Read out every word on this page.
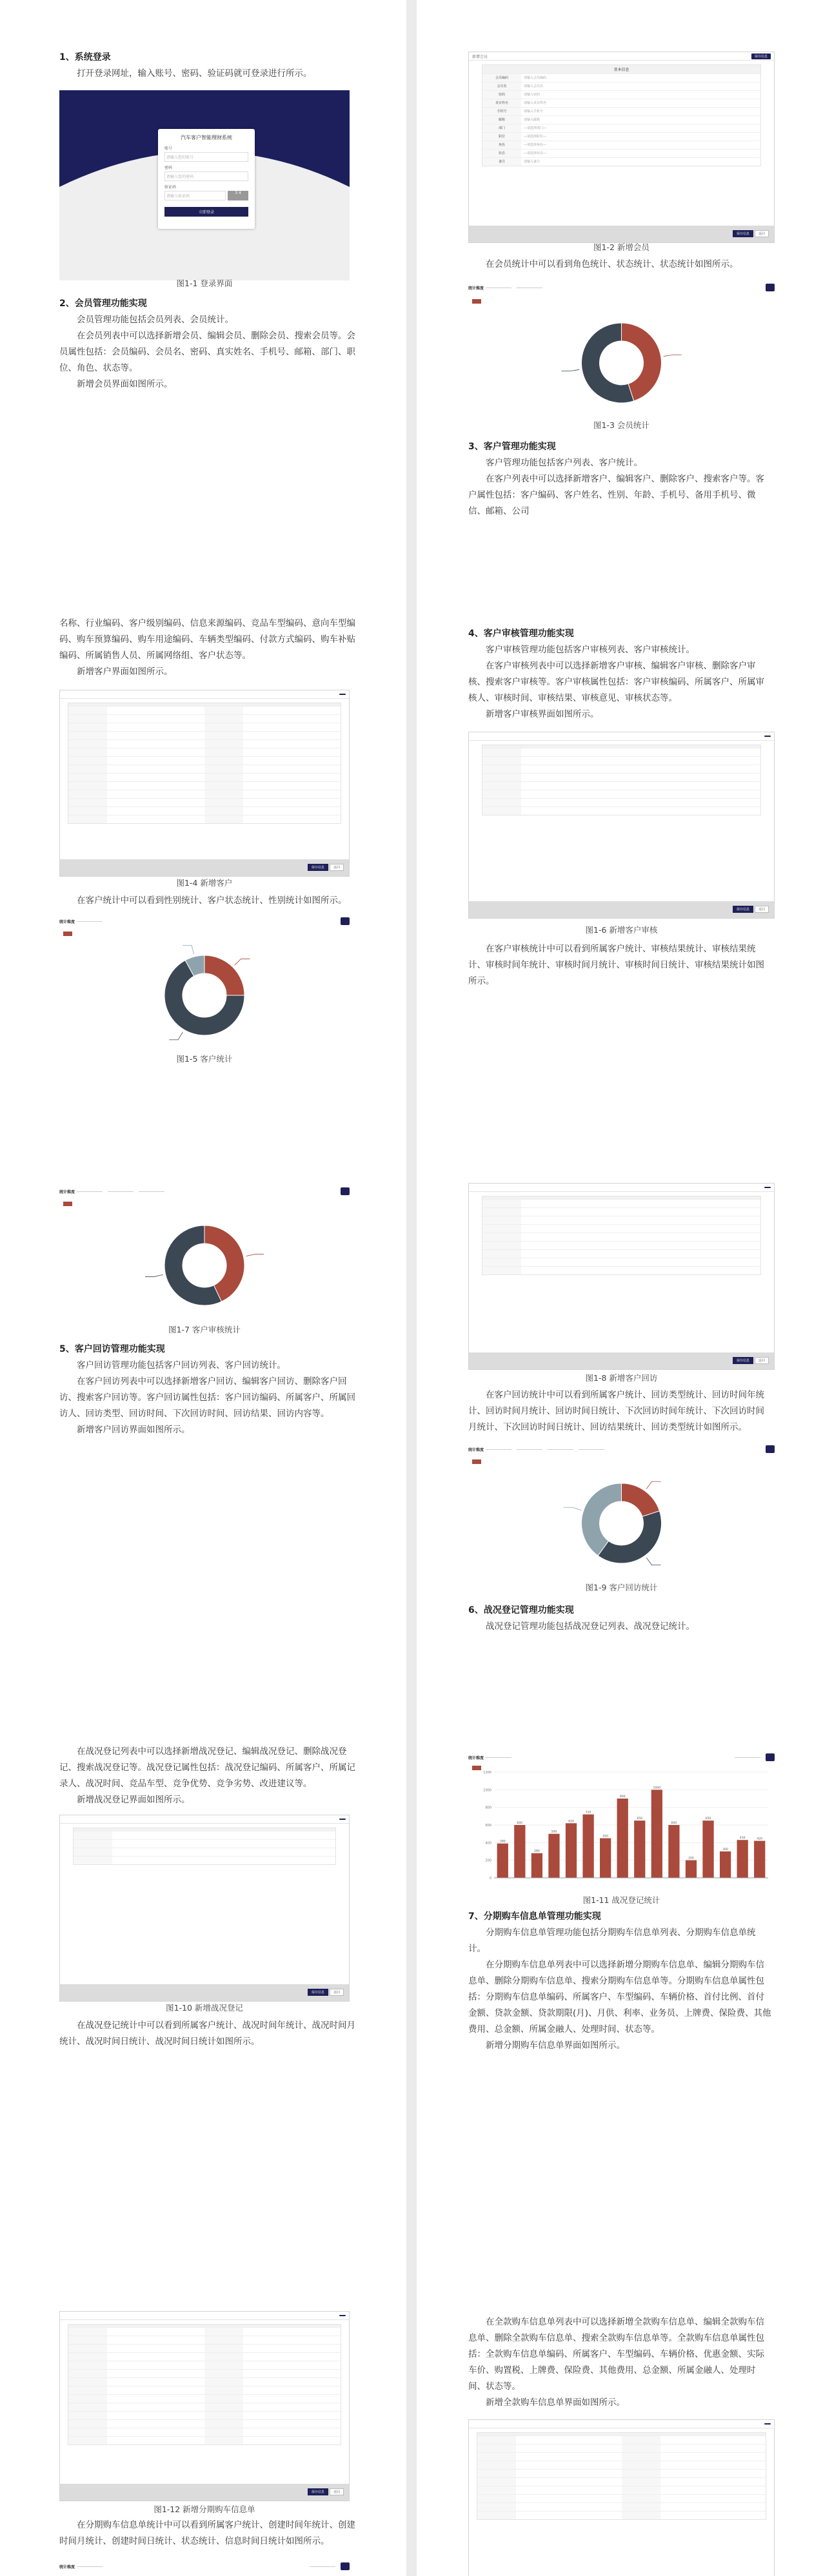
1、系统登录

打开登录网址，输入账号、密码、验证码就可登录进行所示。

汽车客户智能理财系统
账号
请输入您的账号
密码
请输入您的密码
验证码
请输入验证码
3 4
立即登录
图1-1 登录界面

2、会员管理功能实现

会员管理功能包括会员列表、会员统计。

在会员列表中可以选择新增会员、编辑会员、删除会员、搜索会员等。会员属性包括：会员编码、会员名、密码、真实姓名、手机号、邮箱、部门、职位、角色、状态等。

新增会员界面如图所示。

新增会员	保存信息
基本信息
会员编码	请输入会员编码
会员名	请输入会员名
密码	请输入密码
真实姓名	请输入真实姓名
手机号	请输入手机号
邮箱	请输入邮箱
部门	—请选择部门—
职位	—请选择职位—
角色	—请选择角色—
状态	—请选择状态—
备注	请输入备注
保存信息	返回
图1-2 新增会员

在会员统计中可以看到角色统计、状态统计、状态统计如图所示。

统计维度
图1-3 会员统计

3、客户管理功能实现

客户管理功能包括客户列表、客户统计。

在客户列表中可以选择新增客户、编辑客户、删除客户、搜索客户等。客户属性包括：客户编码、客户姓名、性别、年龄、手机号、备用手机号、微信、邮箱、公司

名称、行业编码、客户级别编码、信息来源编码、竞品车型编码、意向车型编码、购车预算编码、购车用途编码、车辆类型编码、付款方式编码、购车补贴编码、所属销售人员、所属网络组、客户状态等。

新增客户界面如图所示。

保存信息	返回
图1-4 新增客户

在客户统计中可以看到性别统计、客户状态统计、性别统计如图所示。

统计维度
图1-5 客户统计

4、客户审核管理功能实现

客户审核管理功能包括客户审核列表、客户审核统计。

在客户审核列表中可以选择新增客户审核、编辑客户审核、删除客户审核、搜索客户审核等。客户审核属性包括：客户审核编码、所属客户、所属审核人、审核时间、审核结果、审核意见、审核状态等。

新增客户审核界面如图所示。

保存信息	返回
图1-6 新增客户审核

在客户审核统计中可以看到所属客户统计、审核结果统计、审核结果统计、审核时间年统计、审核时间月统计、审核时间日统计、审核结果统计如图所示。

统计维度
图1-7 客户审核统计

5、客户回访管理功能实现

客户回访管理功能包括客户回访列表、客户回访统计。

在客户回访列表中可以选择新增客户回访、编辑客户回访、删除客户回访、搜索客户回访等。客户回访属性包括：客户回访编码、所属客户、所属回访人、回访类型、回访时间、下次回访时间、回访结果、回访内容等。

新增客户回访界面如图所示。

保存信息	返回
图1-8 新增客户回访

在客户回访统计中可以看到所属客户统计、回访类型统计、回访时间年统计、回访时间月统计、回访时间日统计、下次回访时间年统计、下次回访时间月统计、下次回访时间日统计、回访结果统计、回访类型统计如图所示。

统计维度
图1-9 客户回访统计

6、战况登记管理功能实现

战况登记管理功能包括战况登记列表、战况登记统计。

在战况登记列表中可以选择新增战况登记、编辑战况登记、删除战况登记、搜索战况登记等。战况登记属性包括：战况登记编码、所属客户、所属记录人、战况时间、竞品车型、竞争优势、竞争劣势、改进建议等。

新增战况登记界面如图所示。

保存信息	返回
图1-10 新增战况登记

在战况登记统计中可以看到所属客户统计、战况时间年统计、战况时间月统计、战况时间日统计、战况时间日统计如图所示。

统计维度
0
200
400
600
800
1000
1200
390
600
280
500
620
720
450
900
650
1000
600
200
650
300
430	420
图1-11 战况登记统计

7、分期购车信息单管理功能实现

分期购车信息单管理功能包括分期购车信息单列表、分期购车信息单统计。

在分期购车信息单列表中可以选择新增分期购车信息单、编辑分期购车信息单、删除分期购车信息单、搜索分期购车信息单等。分期购车信息单属性包括：分期购车信息单编码、所属客户、车型编码、车辆价格、首付比例、首付金额、贷款金额、贷款期限(月)、月供、利率、业务员、上牌费、保险费、其他费用、总金额、所属金融人、处理时间、状态等。

新增分期购车信息单界面如图所示。

保存信息	返回
图1-12 新增分期购车信息单

在分期购车信息单统计中可以看到所属客户统计、创建时间年统计、创建时间月统计、创建时间日统计、状态统计、信息时间日统计如图所示。

统计维度

在全款购车信息单列表中可以选择新增全款购车信息单、编辑全款购车信息单、删除全款购车信息单、搜索全款购车信息单等。全款购车信息单属性包括：全款购车信息单编码、所属客户、车型编码、车辆价格、优惠金额、实际车价、购置税、上牌费、保险费、其他费用、总金额、所属金融人、处理时间、状态等。

新增全款购车信息单界面如图所示。
